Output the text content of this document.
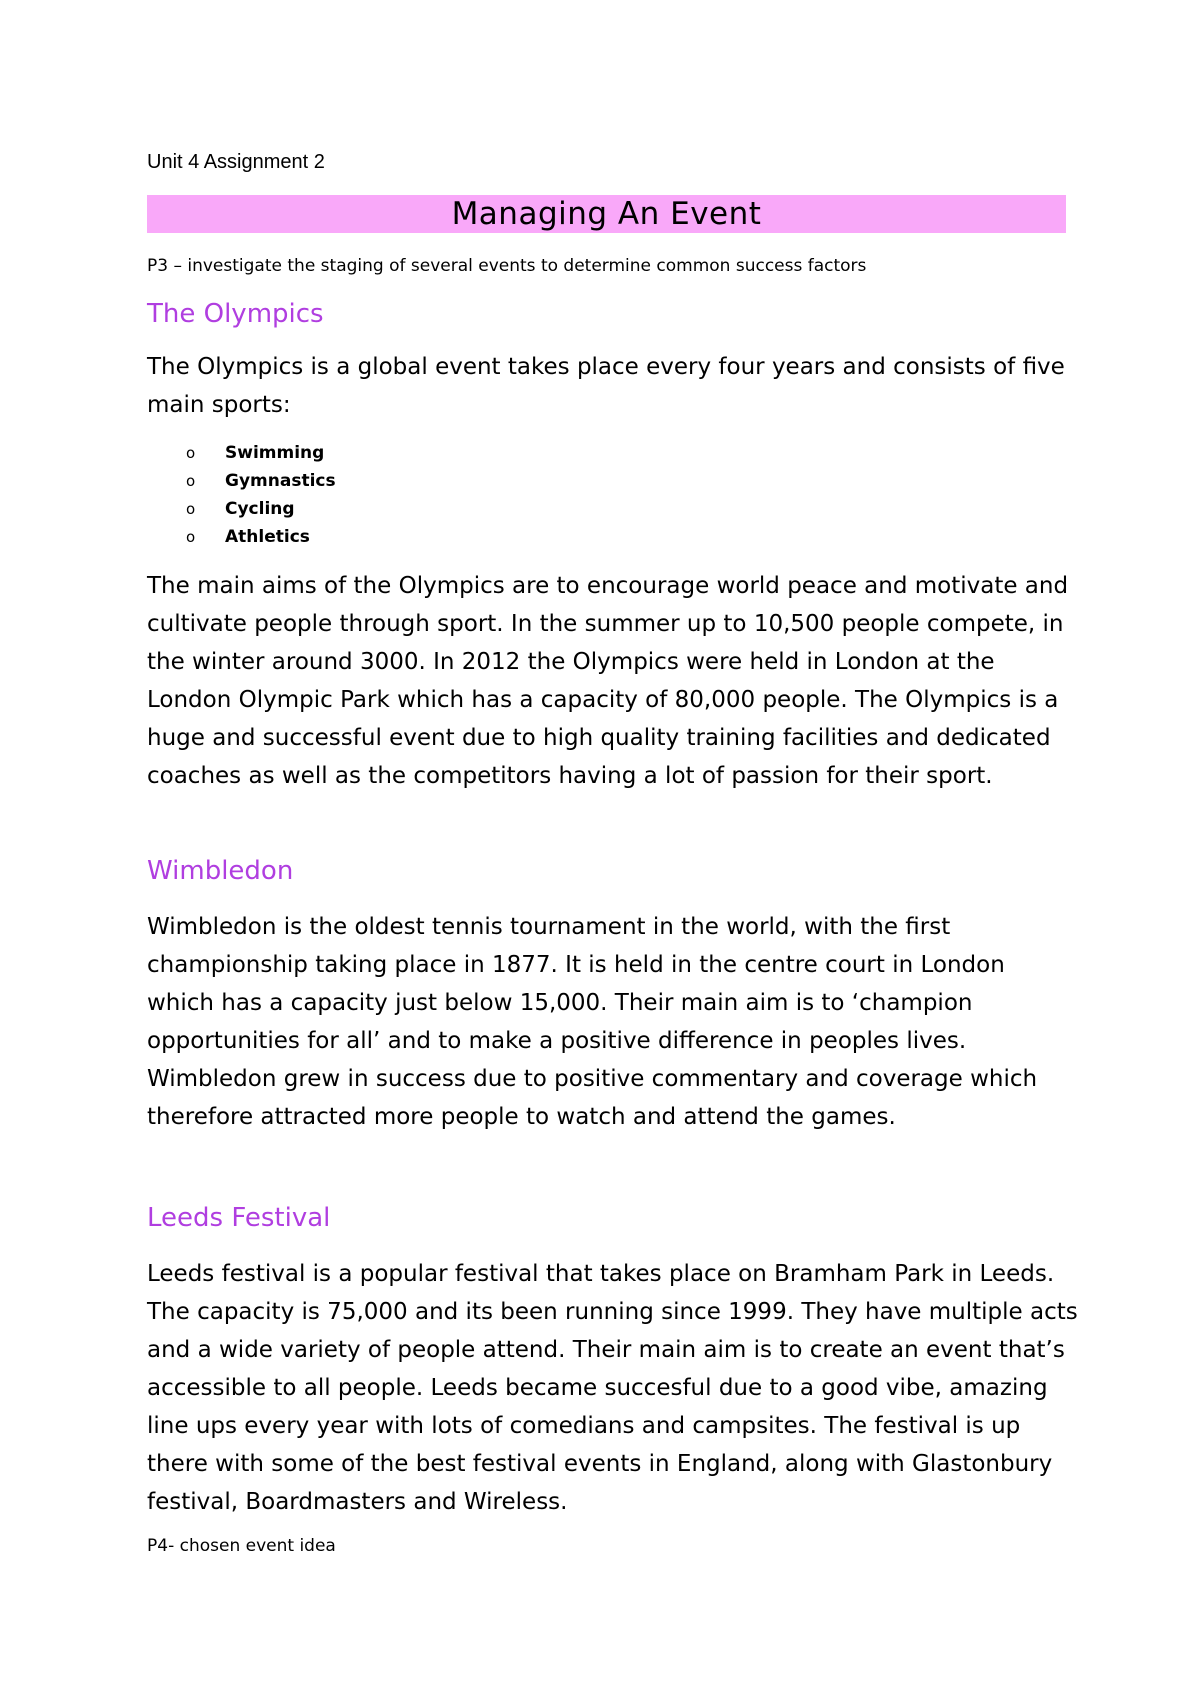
Unit 4 Assignment 2
Managing An Event
P3 – investigate the staging of several events to determine common success factors
The Olympics
The Olympics is a global event takes place every four years and consists of five
main sports:
o	Swimming
o	Gymnastics
o	Cycling
o	Athletics
The main aims of the Olympics are to encourage world peace and motivate and
cultivate people through sport. In the summer up to 10,500 people compete, in
the winter around 3000. In 2012 the Olympics were held in London at the
London Olympic Park which has a capacity of 80,000 people. The Olympics is a
huge and successful event due to high quality training facilities and dedicated
coaches as well as the competitors having a lot of passion for their sport.
Wimbledon
Wimbledon is the oldest tennis tournament in the world, with the first
championship taking place in 1877. It is held in the centre court in London
which has a capacity just below 15,000. Their main aim is to ‘champion
opportunities for all’ and to make a positive difference in peoples lives.
Wimbledon grew in success due to positive commentary and coverage which
therefore attracted more people to watch and attend the games.
Leeds Festival
Leeds festival is a popular festival that takes place on Bramham Park in Leeds.
The capacity is 75,000 and its been running since 1999. They have multiple acts
and a wide variety of people attend. Their main aim is to create an event that’s
accessible to all people. Leeds became succesful due to a good vibe, amazing
line ups every year with lots of comedians and campsites. The festival is up
there with some of the best festival events in England, along with Glastonbury
festival, Boardmasters and Wireless.
P4- chosen event idea
